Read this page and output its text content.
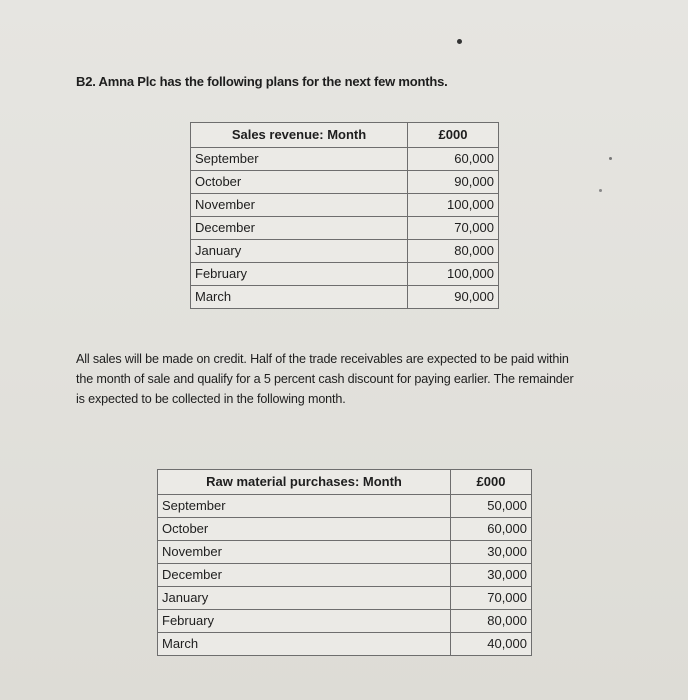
B2. Amna Plc has the following plans for the next few months.
Sales revenue: Month	£000
September	60,000
October	90,000
November	100,000
December	70,000
January	80,000
February	100,000
March	90,000
All sales will be made on credit. Half of the trade receivables are expected to be paid within
the month of sale and qualify for a 5 percent cash discount for paying earlier. The remainder
is expected to be collected in the following month.
Raw material purchases: Month	£000
September	50,000
October	60,000
November	30,000
December	30,000
January	70,000
February	80,000
March	40,000
